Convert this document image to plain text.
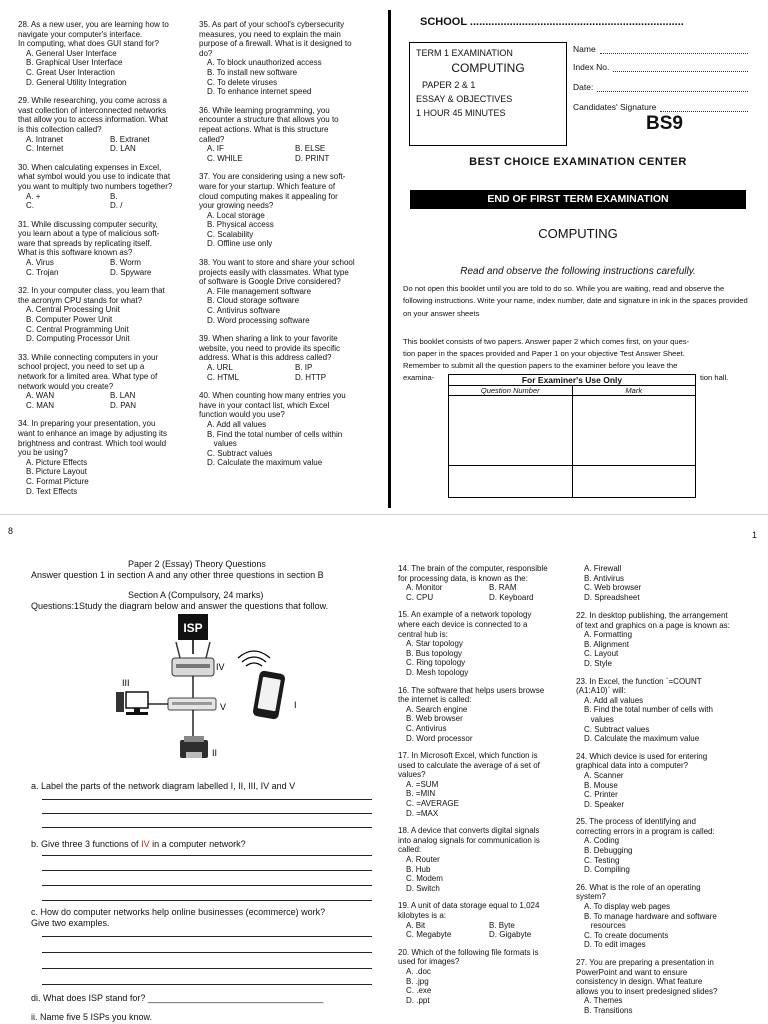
28. As a new user, you are learning how to
navigate your computer's interface.
In computing, what does GUI stand for?
A. General User Interface
B. Graphical User Interface
C. Great User Interaction
D. General Utility Integration
29. While researching, you come across a
vast collection of interconnected networks
that allow you to access information. What
is this collection called?
A. Intranet	B. Extranet
C. Internet	D. LAN
30. When calculating expenses in Excel,
what symbol would you use to indicate that
you want to multiply two numbers together?
A. +	B.
C.	D. /
31. While discussing computer security,
you learn about a type of malicious soft-
ware that spreads by replicating itself.
What is this software known as?
A. Virus	B. Worm
C. Trojan	D. Spyware
32. In your computer class, you learn that
the acronym CPU stands for what?
A. Central Processing Unit
B. Computer Power Unit
C. Central Programming Unit
D. Computing Processor Unit
33. While connecting computers in your
school project, you need to set up a
network for a limited area. What type of
network would you create?
A. WAN	B. LAN
C. MAN	D. PAN
34. In preparing your presentation, you
want to enhance an image by adjusting its
brightness and contrast. Which tool would
you be using?
A. Picture Effects
B. Picture Layout
C. Format Picture
D. Text Effects
35. As part of your school's cybersecurity
measures, you need to explain the main
purpose of a firewall. What is it designed to
do?
A. To block unauthorized access
B. To install new software
C. To delete viruses
D. To enhance internet speed
36. While learning programming, you
encounter a structure that allows you to
repeat actions. What is this structure
called?
A. IF	B. ELSE
C. WHILE	D. PRINT
37. You are considering using a new soft-
ware for your startup. Which feature of
cloud computing makes it appealing for
your growing needs?
A. Local storage
B. Physical access
C. Scalability
D. Offline use only
38. You want to store and share your school
projects easily with classmates. What type
of software is Google Drive considered?
A. File management software
B. Cloud storage software
C. Antivirus software
D. Word processing software
39. When sharing a link to your favorite
website, you need to provide its specific
address. What is this address called?
A. URL	B. IP
C. HTML	D. HTTP
40. When counting how many entries you
have in your contact list, which Excel
function would you use?
A. Add all values
B. Find the total number of cells within
values
C. Subtract values
D. Calculate the maximum value
8
SCHOOL ......................................................................
TERM 1 EXAMINATION
COMPUTING
PAPER 2 & 1
ESSAY & OBJECTIVES
1 HOUR 45 MINUTES
Name
Index No.
Date:
Candidates' Signature
BS9
BEST CHOICE EXAMINATION CENTER
END OF FIRST TERM EXAMINATION
COMPUTING
Read and observe the following instructions carefully.
Do not open this booklet until you are told to do so. While you are waiting, read and observe the following instructions. Write your name, index number, date and signature in ink in the spaces provided on your answer sheets
This booklet consists of two papers. Answer paper 2 which comes first, on your ques-
tion paper in the spaces provided and Paper 1 on your objective Test Answer Sheet.
Remember to submit all the question papers to the examiner before you leave the
examina-	tion hall.
For Examiner's Use Only	
Question Number	Mark

1
Paper 2 (Essay) Theory Questions
Answer question 1 in section A and any other three questions in section B
Section A (Compulsory, 24 marks)
Questions:1Study the diagram below and answer the questions that follow.
ISP
IV
V
III
II
I
a. Label the parts of the network diagram labelled I, II, III, IV and V
b. Give three 3 functions of IV in a computer network?
c. How do computer networks help online businesses (ecommerce) work?
Give two examples.
di. What does ISP stand for? ___________________________________
ii. Name five 5 ISPs you know.
14. The brain of the computer, responsible
for processing data, is known as the:
A. Monitor	B. RAM
C. CPU	D. Keyboard
15. An example of a network topology
where each device is connected to a
central hub is:
A. Star topology
B. Bus topology
C. Ring topology
D. Mesh topology
16. The software that helps users browse
the internet is called:
A. Search engine
B. Web browser
C. Antivirus
D. Word processor
17. In Microsoft Excel, which function is
used to calculate the average of a set of
values?
A. =SUM
B. =MIN
C. =AVERAGE
D. =MAX
18. A device that converts digital signals
into analog signals for communication is
called:
A. Router
B. Hub
C. Modem
D. Switch
19. A unit of data storage equal to 1,024
kilobytes is a:
A. Bit	B. Byte
C. Megabyte	D. Gigabyte
20. Which of the following file formats is
used for images?
A. .doc
B. .jpg
C. .exe
D. .ppt
A. Firewall
B. Antivirus
C. Web browser
D. Spreadsheet
22. In desktop publishing, the arrangement
of text and graphics on a page is known as:
A. Formatting
B. Alignment
C. Layout
D. Style
23. In Excel, the function `=COUNT
(A1:A10)` will:
A. Add all values
B. Find the total number of cells with
values
C. Subtract values
D. Calculate the maximum value
24. Which device is used for entering
graphical data into a computer?
A. Scanner
B. Mouse
C. Printer
D. Speaker
25. The process of identifying and
correcting errors in a program is called:
A. Coding
B. Debugging
C. Testing
D. Compiling
26. What is the role of an operating
system?
A. To display web pages
B. To manage hardware and software
resources
C. To create documents
D. To edit images
27. You are preparing a presentation in
PowerPoint and want to ensure
consistency in design. What feature
allows you to insert predesigned slides?
A. Themes
B. Transitions
